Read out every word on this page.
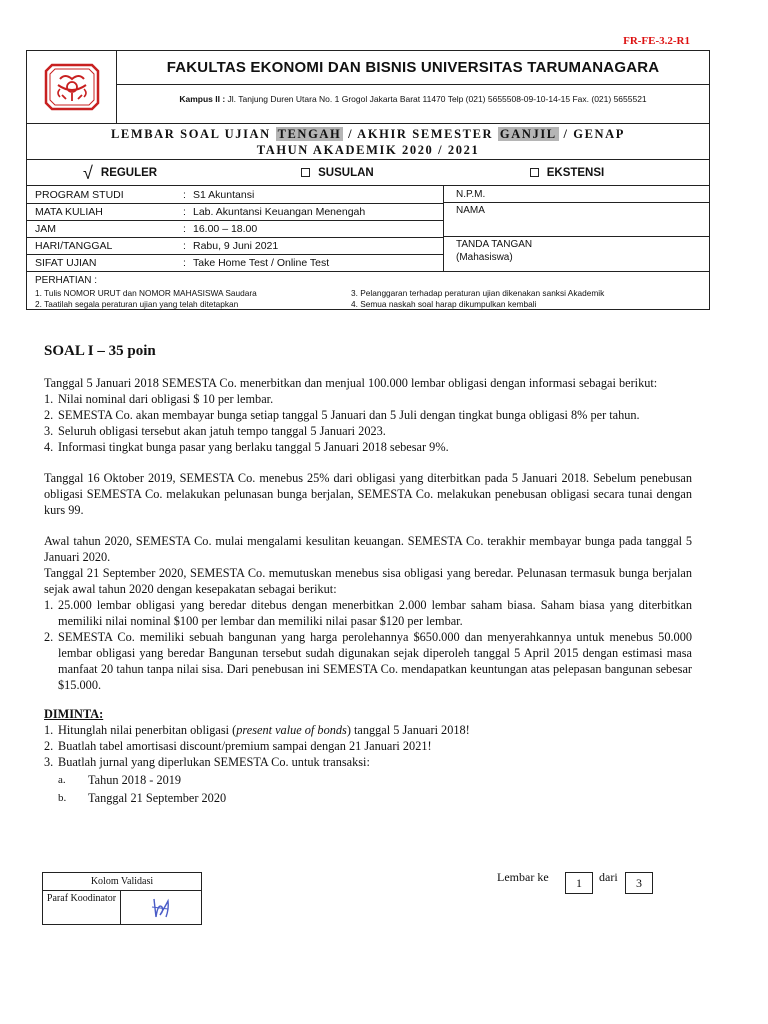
FR-FE-3.2-R1
FAKULTAS EKONOMI DAN BISNIS UNIVERSITAS TARUMANAGARA
Kampus II : Jl. Tanjung Duren Utara No. 1 Grogol Jakarta Barat 11470 Telp (021) 5655508-09-10-14-15 Fax. (021) 5655521
LEMBAR SOAL UJIAN TENGAH / AKHIR SEMESTER GANJIL / GENAP
TAHUN AKADEMIK 2020 / 2021
√ REGULER	SUSULAN	EKSTENSI
PROGRAM STUDI	: S1 Akuntansi
MATA KULIAH	: Lab. Akuntansi Keuangan Menengah
JAM	: 16.00 – 18.00
HARI/TANGGAL	: Rabu, 9 Juni 2021
SIFAT UJIAN	: Take Home Test / Online Test
N.P.M.
NAMA
TANDA TANGAN
(Mahasiswa)
PERHATIAN :
1. Tulis NOMOR URUT dan NOMOR MAHASISWA Saudara
2. Taatilah segala peraturan ujian yang telah ditetapkan
3. Pelanggaran terhadap peraturan ujian dikenakan sanksi Akademik
4. Semua naskah soal harap dikumpulkan kembali
SOAL I – 35 poin

Tanggal 5 Januari 2018 SEMESTA Co. menerbitkan dan menjual 100.000 lembar obligasi dengan informasi sebagai berikut:

1. Nilai nominal dari obligasi $ 10 per lembar.
2. SEMESTA Co. akan membayar bunga setiap tanggal 5 Januari dan 5 Juli dengan tingkat bunga obligasi 8% per tahun.
3. Seluruh obligasi tersebut akan jatuh tempo tanggal 5 Januari 2023.
4. Informasi tingkat bunga pasar yang berlaku tanggal 5 Januari 2018 sebesar 9%.

Tanggal 16 Oktober 2019, SEMESTA Co. menebus 25% dari obligasi yang diterbitkan pada 5 Januari 2018. Sebelum penebusan obligasi SEMESTA Co. melakukan pelunasan bunga berjalan, SEMESTA Co. melakukan penebusan obligasi secara tunai dengan kurs 99.

Awal tahun 2020, SEMESTA Co. mulai mengalami kesulitan keuangan. SEMESTA Co. terakhir membayar bunga pada tanggal 5 Januari 2020.

Tanggal 21 September 2020, SEMESTA Co. memutuskan menebus sisa obligasi yang beredar. Pelunasan termasuk bunga berjalan sejak awal tahun 2020 dengan kesepakatan sebagai berikut:

1. 25.000 lembar obligasi yang beredar ditebus dengan menerbitkan 2.000 lembar saham biasa. Saham biasa yang diterbitkan memiliki nilai nominal $100 per lembar dan memiliki nilai pasar $120 per lembar.
2. SEMESTA Co. memiliki sebuah bangunan yang harga perolehannya $650.000 dan menyerahkannya untuk menebus 50.000 lembar obligasi yang beredar Bangunan tersebut sudah digunakan sejak diperoleh tanggal 5 April 2015 dengan estimasi masa manfaat 20 tahun tanpa nilai sisa. Dari penebusan ini SEMESTA Co. mendapatkan keuntungan atas pelepasan bangunan sebesar $15.000.
DIMINTA:
1. Hitunglah nilai penerbitan obligasi (present value of bonds) tanggal 5 Januari 2018!
2. Buatlah tabel amortisasi discount/premium sampai dengan 21 Januari 2021!
3. Buatlah jurnal yang diperlukan SEMESTA Co. untuk transaksi:
a.	Tahun 2018 - 2019
b.	Tanggal 21 September 2020
Kolom Validasi
Paraf Koodinator
Lembar ke	1	dari	3
